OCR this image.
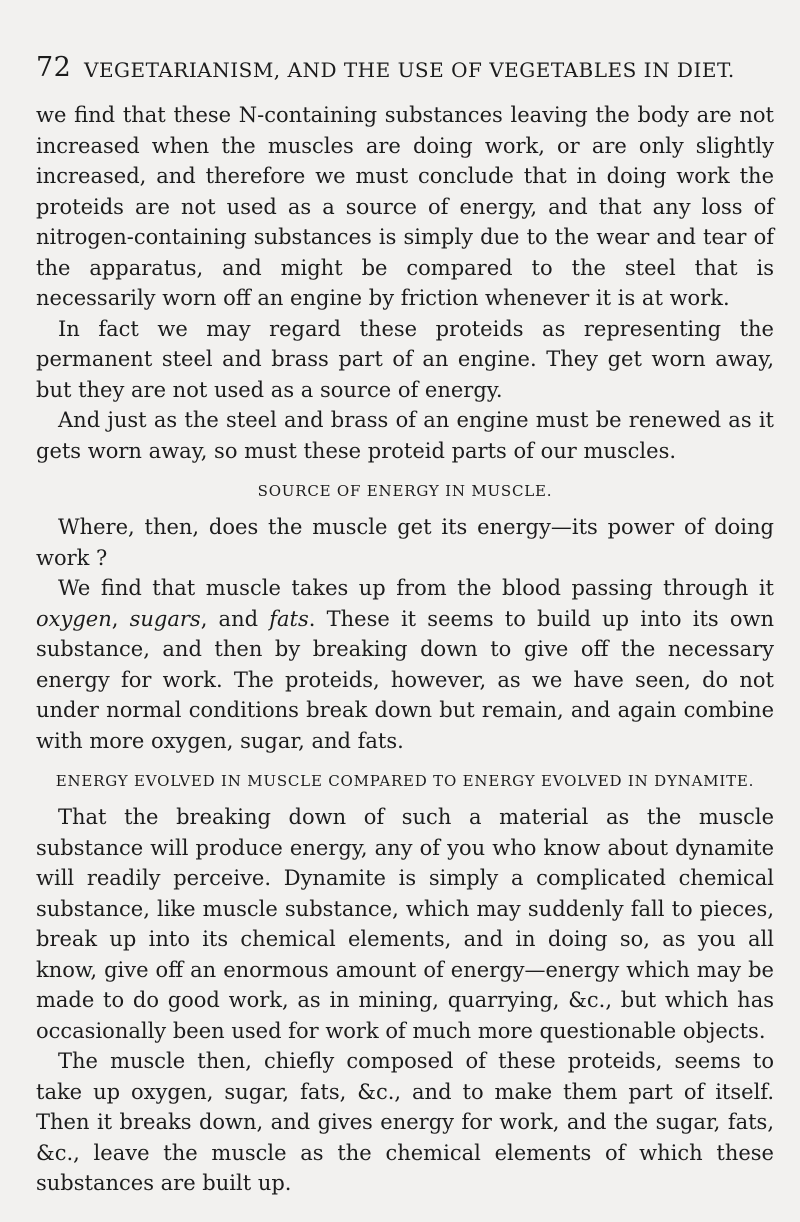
72 VEGETARIANISM, AND THE USE OF VEGETABLES IN DIET.

we find that these N-containing substances leaving the body are not increased when the muscles are doing work, or are only slightly increased, and therefore we must conclude that in doing work the proteids are not used as a source of energy, and that any loss of nitrogen-containing substances is simply due to the wear and tear of the apparatus, and might be compared to the steel that is necessarily worn off an engine by friction whenever it is at work.

In fact we may regard these proteids as representing the permanent steel and brass part of an engine. They get worn away, but they are not used as a source of energy.

And just as the steel and brass of an engine must be renewed as it gets worn away, so must these proteid parts of our muscles.

SOURCE OF ENERGY IN MUSCLE.

Where, then, does the muscle get its energy—its power of doing work ?

We find that muscle takes up from the blood passing through it oxygen, sugars, and fats. These it seems to build up into its own substance, and then by breaking down to give off the necessary energy for work. The proteids, however, as we have seen, do not under normal conditions break down but remain, and again combine with more oxygen, sugar, and fats.

ENERGY EVOLVED IN MUSCLE COMPARED TO ENERGY EVOLVED IN DYNAMITE.

That the breaking down of such a material as the muscle substance will produce energy, any of you who know about dynamite will readily perceive. Dynamite is simply a complicated chemical substance, like muscle substance, which may suddenly fall to pieces, break up into its chemical elements, and in doing so, as you all know, give off an enormous amount of energy—energy which may be made to do good work, as in mining, quarrying, &c., but which has occasionally been used for work of much more questionable objects.

The muscle then, chiefly composed of these proteids, seems to take up oxygen, sugar, fats, &c., and to make them part of itself. Then it breaks down, and gives energy for work, and the sugar, fats, &c., leave the muscle as the chemical elements of which these substances are built up.
